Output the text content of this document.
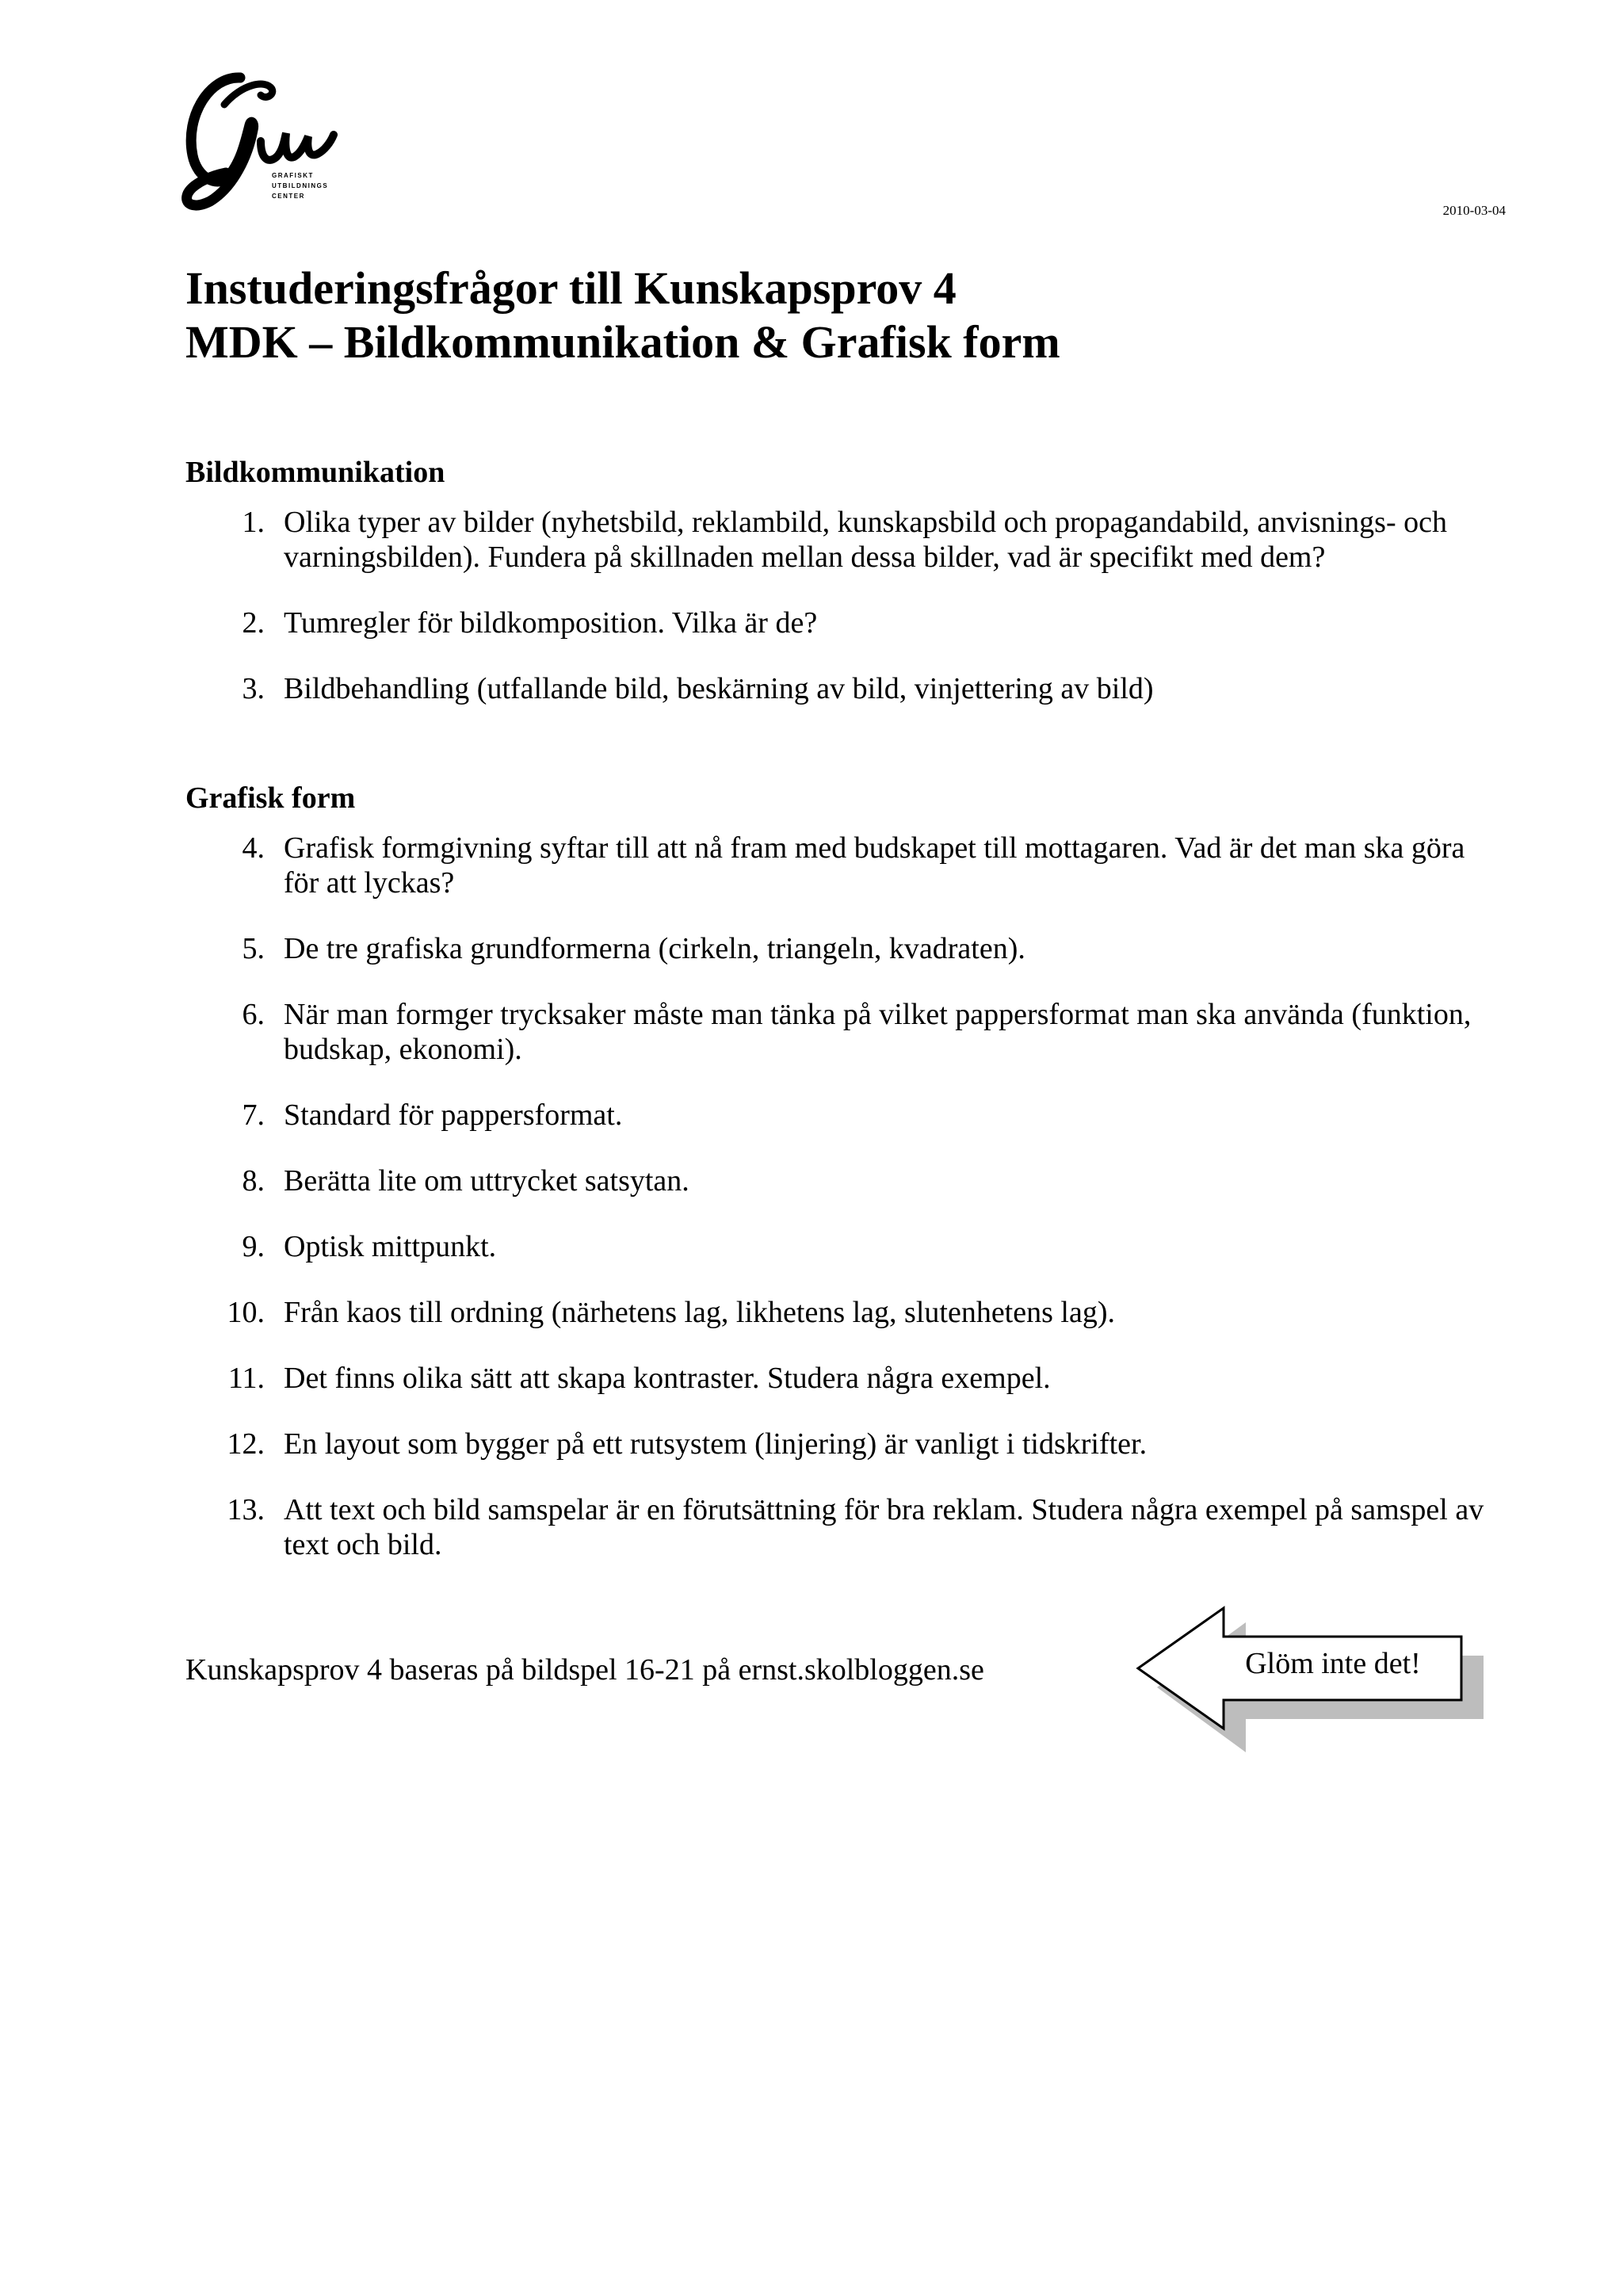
GRAFISKT
UTBILDNINGS
CENTER
2010-03-04
Instuderingsfrågor till Kunskapsprov 4
MDK – Bildkommunikation & Grafisk form
Bildkommunikation
1. Olika typer av bilder (nyhetsbild, reklambild, kunskapsbild och propagandabild, anvisnings- och varningsbilden). Fundera på skillnaden mellan dessa bilder, vad är specifikt med dem?
2. Tumregler för bildkomposition. Vilka är de?
3. Bildbehandling (utfallande bild, beskärning av bild, vinjettering av bild)
Grafisk form
4. Grafisk formgivning syftar till att nå fram med budskapet till mottagaren. Vad är det man ska göra för att lyckas?
5. De tre grafiska grundformerna (cirkeln, triangeln, kvadraten).
6. När man formger trycksaker måste man tänka på vilket pappersformat man ska använda (funktion, budskap, ekonomi).
7. Standard för pappersformat.
8. Berätta lite om uttrycket satsytan.
9. Optisk mittpunkt.
10. Från kaos till ordning (närhetens lag, likhetens lag, slutenhetens lag).
11. Det finns olika sätt att skapa kontraster. Studera några exempel.
12. En layout som bygger på ett rutsystem (linjering) är vanligt i tidskrifter.
13. Att text och bild samspelar är en förutsättning för bra reklam. Studera några exempel på samspel av text och bild.
Kunskapsprov 4 baseras på bildspel 16-21 på ernst.skolbloggen.se	Glöm inte det!
